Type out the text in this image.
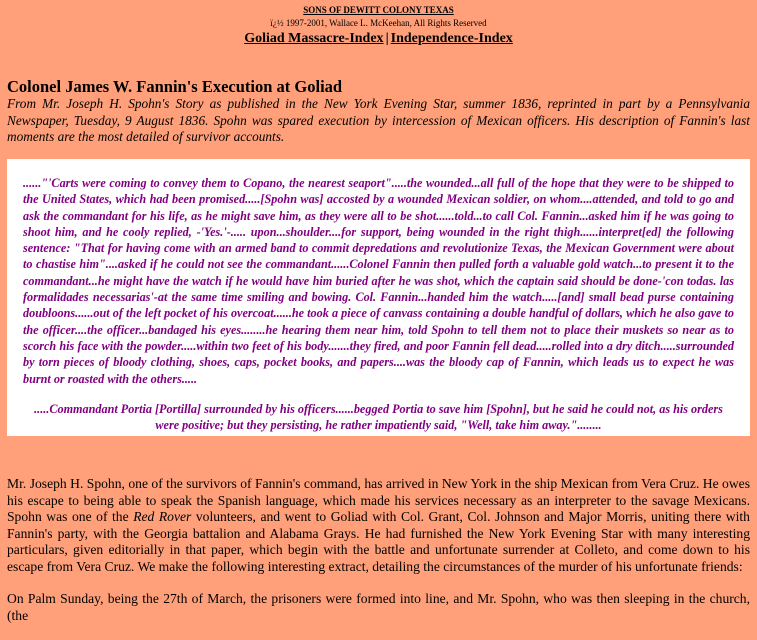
SONS OF DEWITT COLONY TEXAS
ï¿½ 1997-2001, Wallace L. McKeehan, All Rights Reserved
Goliad Massacre-Index | Independence-Index
Colonel James W. Fannin's Execution at Goliad
From Mr. Joseph H. Spohn's Story as published in the New York Evening Star, summer 1836, reprinted in part by a Pennsylvania Newspaper, Tuesday, 9 August 1836. Spohn was spared execution by intercession of Mexican officers. His description of Fannin's last moments are the most detailed of survivor accounts.

......"'Carts were coming to convey them to Copano, the nearest seaport".....the wounded...all full of the hope that they were to be shipped to the United States, which had been promised.....[Spohn was] accosted by a wounded Mexican soldier, on whom....attended, and told to go and ask the commandant for his life, as he might save him, as they were all to be shot......told...to call Col. Fannin...asked him if he was going to shoot him, and he cooly replied, -'Yes.'-..... upon...shoulder....for support, being wounded in the right thigh......interpret[ed] the following sentence: "That for having come with an armed band to commit depredations and revolutionize Texas, the Mexican Government were about to chastise him"....asked if he could not see the commandant......Colonel Fannin then pulled forth a valuable gold watch...to present it to the commandant...he might have the watch if he would have him buried after he was shot, which the captain said should be done-'con todas. las formalidades necessarias'-at the same time smiling and bowing. Col. Fannin...handed him the watch.....[and] small bead purse containing doubloons......out of the left pocket of his overcoat......he took a piece of canvass containing a double handful of dollars, which he also gave to the officer....the officer...bandaged his eyes........he hearing them near him, told Spohn to tell them not to place their muskets so near as to scorch his face with the powder.....within two feet of his body.......they fired, and poor Fannin fell dead.....rolled into a dry ditch.....surrounded by torn pieces of bloody clothing, shoes, caps, pocket books, and papers....was the bloody cap of Fannin, which leads us to expect he was burnt or roasted with the others.....

.....Commandant Portia [Portilla] surrounded by his officers......begged Portia to save him [Spohn], but he said he could not, as his orders were positive; but they persisting, he rather impatiently said, "Well, take him away."........

Mr. Joseph H. Spohn, one of the survivors of Fannin's command, has arrived in New York in the ship Mexican from Vera Cruz. He owes his escape to being able to speak the Spanish language, which made his services necessary as an interpreter to the savage Mexicans. Spohn was one of the Red Rover volunteers, and went to Goliad with Col. Grant, Col. Johnson and Major Morris, uniting there with Fannin's party, with the Georgia battalion and Alabama Grays. He had furnished the New York Evening Star with many interesting particulars, given editorially in that paper, which begin with the battle and unfortunate surrender at Colleto, and come down to his escape from Vera Cruz. We make the following interesting extract, detailing the circumstances of the murder of his unfortunate friends:

On Palm Sunday, being the 27th of March, the prisoners were formed into line, and Mr. Spohn, who was then sleeping in the church, (the
